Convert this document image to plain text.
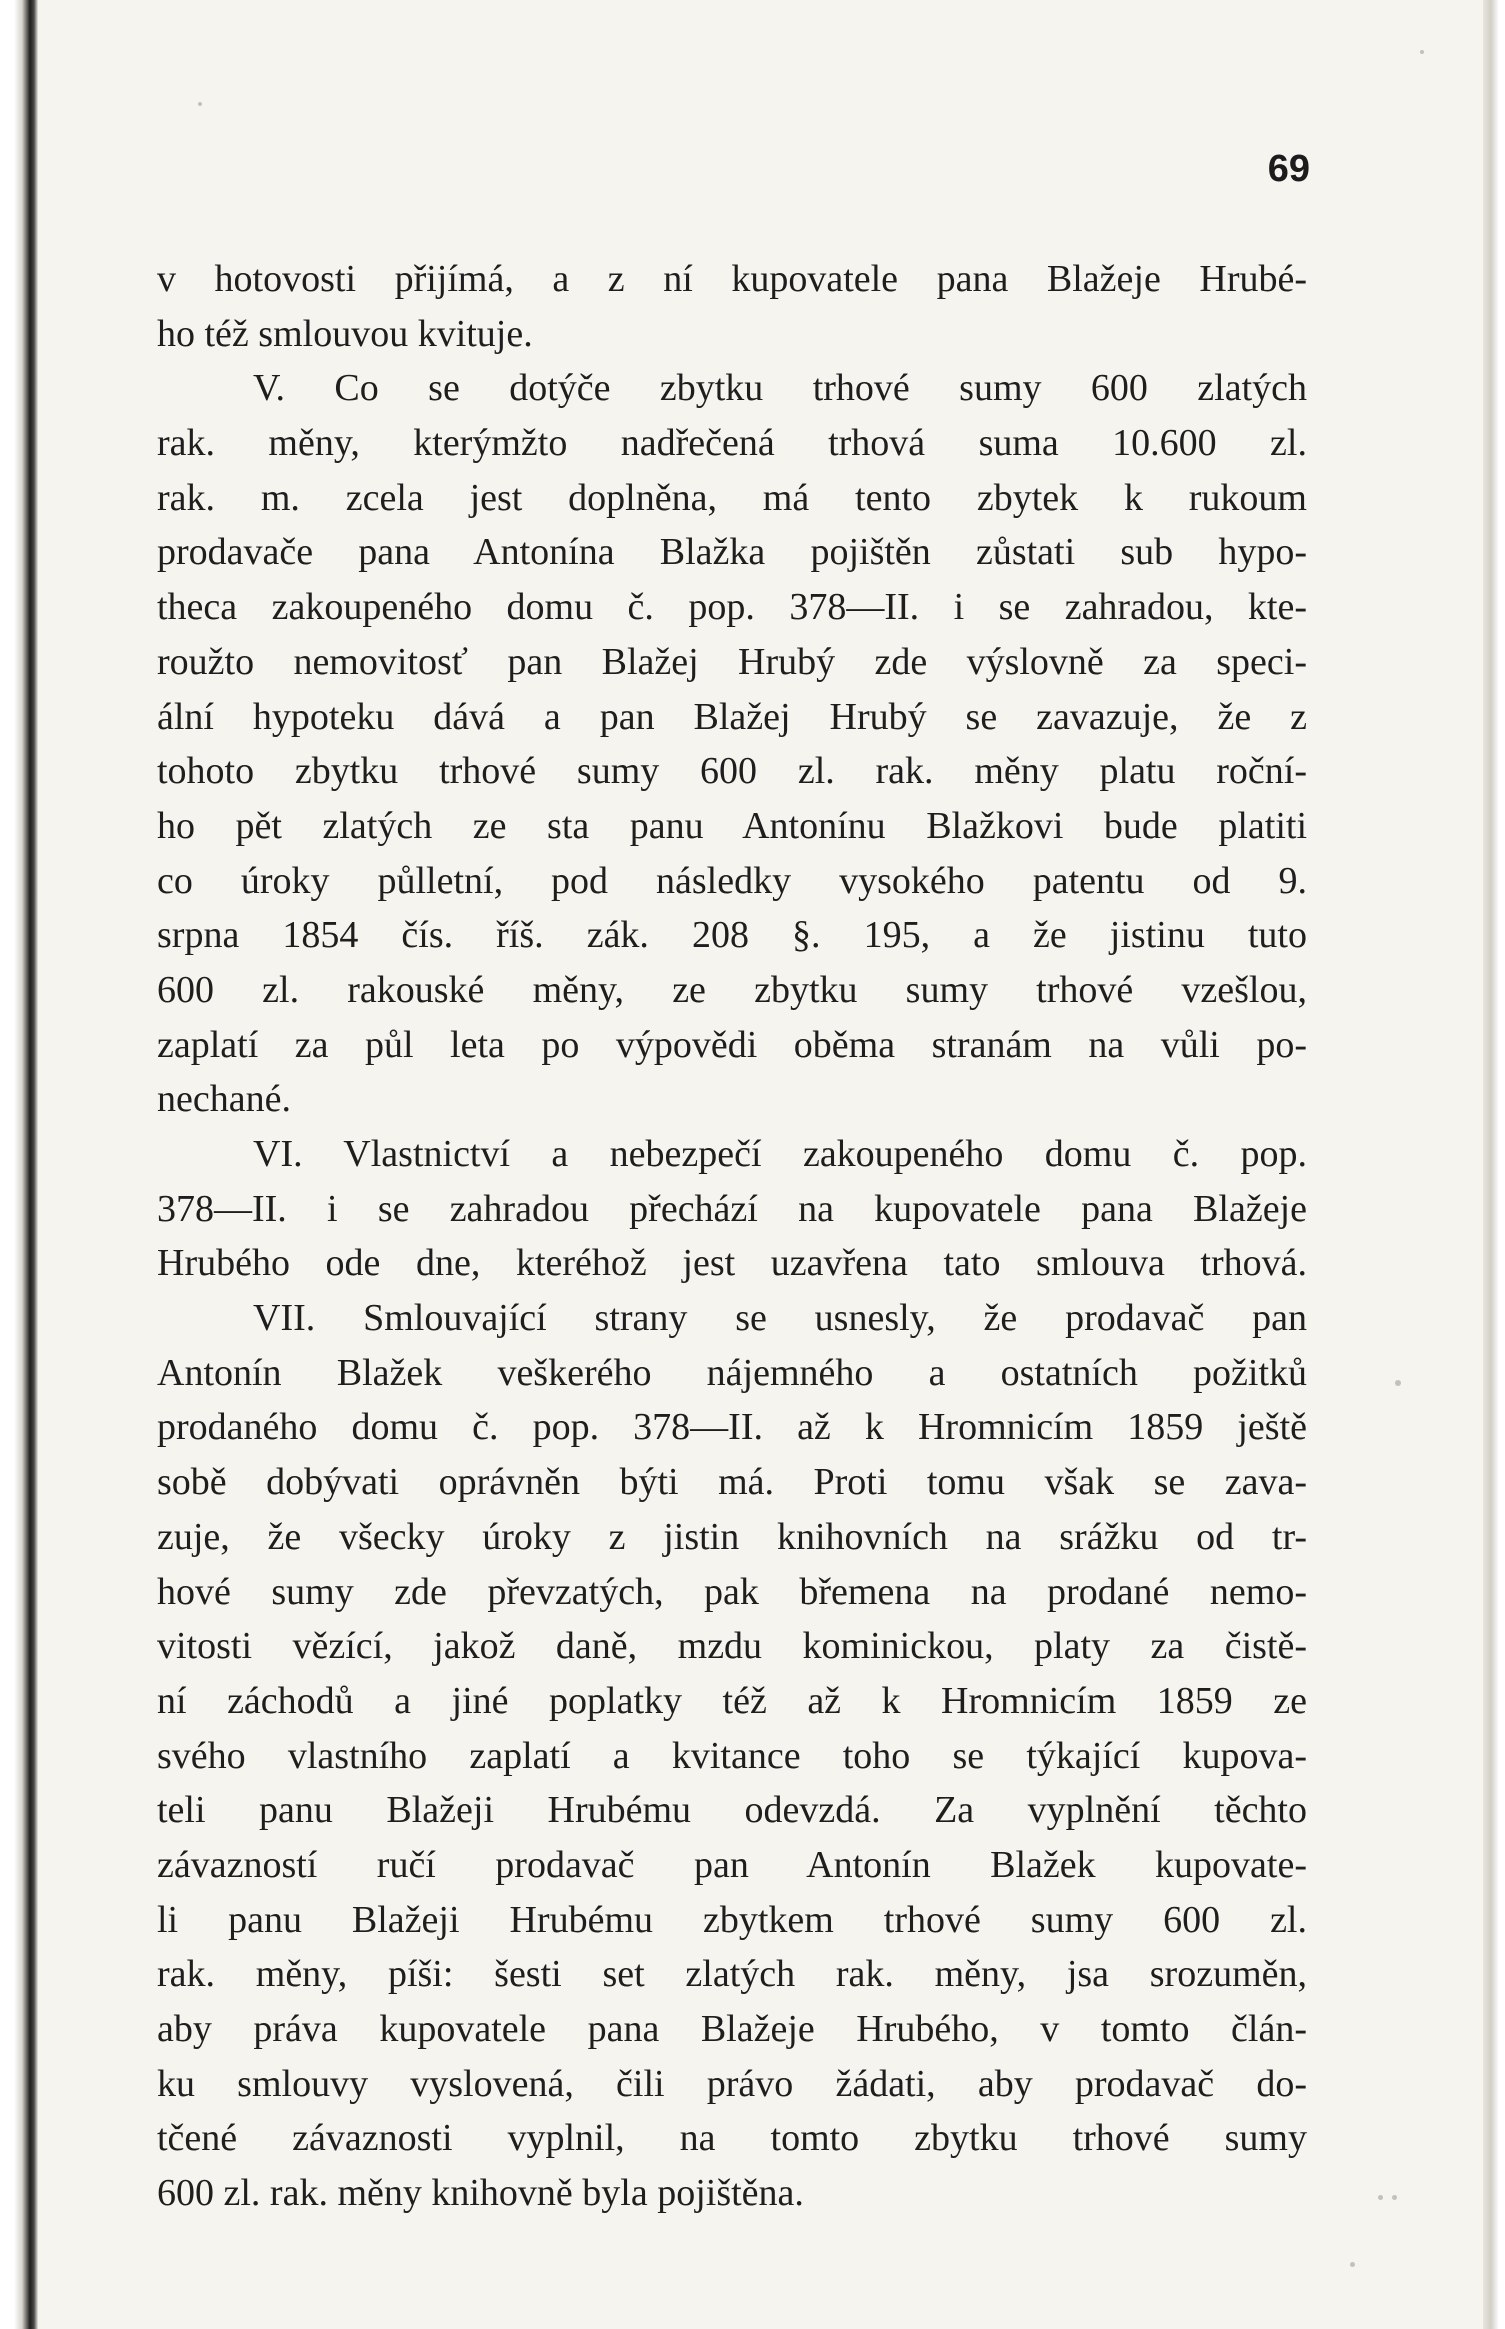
69
v hotovosti přijímá, a z ní kupovatele pana Blažeje Hrubé-
ho též smlouvou kvituje.
V. Co se dotýče zbytku trhové sumy 600 zlatých
rak. měny, kterýmžto nadřečená trhová suma 10.600 zl.
rak. m. zcela jest doplněna, má tento zbytek k rukoum
prodavače pana Antonína Blažka pojištěn zůstati sub hypo-
theca zakoupeného domu č. pop. 378—II. i se zahradou, kte-
roužto nemovitosť pan Blažej Hrubý zde výslovně za speci-
ální hypoteku dává a pan Blažej Hrubý se zavazuje, že z
tohoto zbytku trhové sumy 600 zl. rak. měny platu roční-
ho pět zlatých ze sta panu Antonínu Blažkovi bude platiti
co úroky půlletní, pod následky vysokého patentu od 9.
srpna 1854 čís. říš. zák. 208 §. 195, a že jistinu tuto
600 zl. rakouské měny, ze zbytku sumy trhové vzešlou,
zaplatí za půl leta po výpovědi oběma stranám na vůli po-
nechané.
VI. Vlastnictví a nebezpečí zakoupeného domu č. pop.
378—II. i se zahradou přechází na kupovatele pana Blažeje
Hrubého ode dne, kteréhož jest uzavřena tato smlouva trhová.
VII. Smlouvající strany se usnesly, že prodavač pan
Antonín Blažek veškerého nájemného a ostatních požitků
prodaného domu č. pop. 378—II. až k Hromnicím 1859 ještě
sobě dobývati oprávněn býti má. Proti tomu však se zava-
zuje, že všecky úroky z jistin knihovních na srážku od tr-
hové sumy zde převzatých, pak břemena na prodané nemo-
vitosti vězící, jakož daně, mzdu kominickou, platy za čistě-
ní záchodů a jiné poplatky též až k Hromnicím 1859 ze
svého vlastního zaplatí a kvitance toho se týkající kupova-
teli panu Blažeji Hrubému odevzdá. Za vyplnění těchto
závazností ručí prodavač pan Antonín Blažek kupovate-
li panu Blažeji Hrubému zbytkem trhové sumy 600 zl.
rak. měny, píši: šesti set zlatých rak. měny, jsa srozuměn,
aby práva kupovatele pana Blažeje Hrubého, v tomto člán-
ku smlouvy vyslovená, čili právo žádati, aby prodavač do-
tčené závaznosti vyplnil, na tomto zbytku trhové sumy
600 zl. rak. měny knihovně byla pojištěna.
